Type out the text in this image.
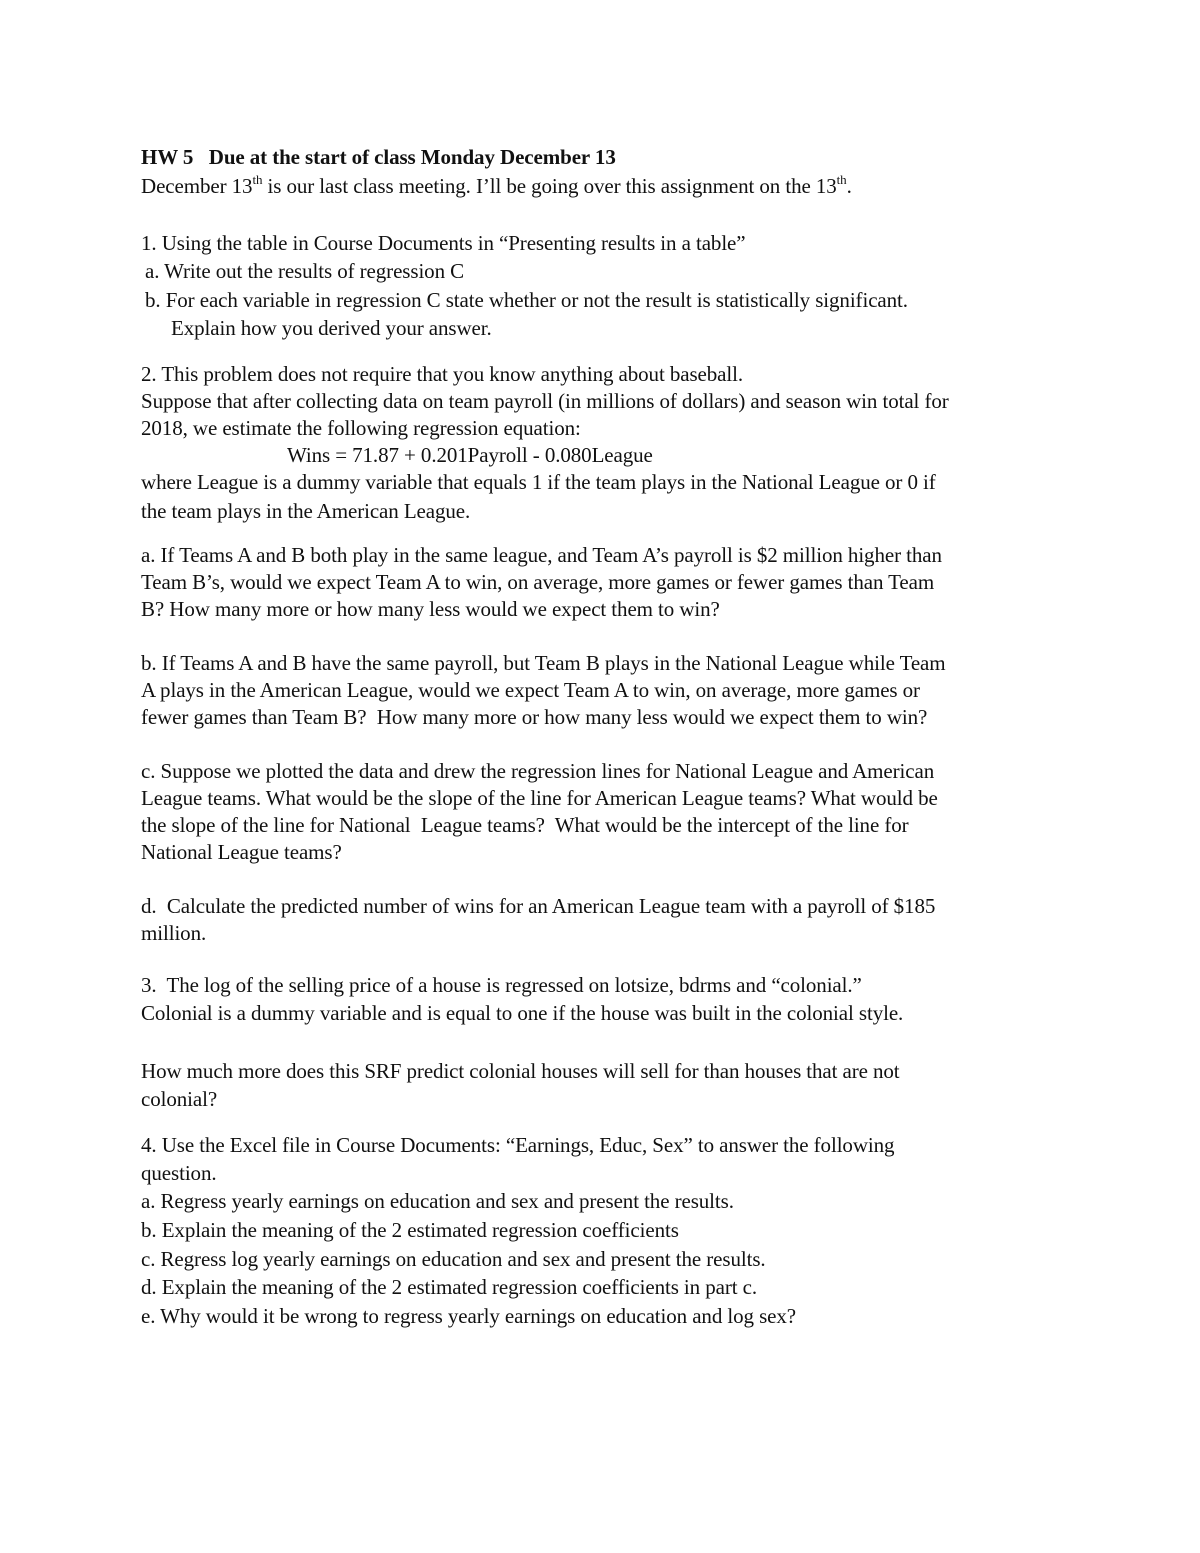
HW 5   Due at the start of class Monday December 13
December 13th is our last class meeting. I’ll be going over this assignment on the 13th.
1. Using the table in Course Documents in “Presenting results in a table”
a. Write out the results of regression C
b. For each variable in regression C state whether or not the result is statistically significant.
Explain how you derived your answer.
2. This problem does not require that you know anything about baseball.
Suppose that after collecting data on team payroll (in millions of dollars) and season win total for
2018, we estimate the following regression equation:
Wins = 71.87 + 0.201Payroll - 0.080League
where League is a dummy variable that equals 1 if the team plays in the National League or 0 if
the team plays in the American League.
a. If Teams A and B both play in the same league, and Team A’s payroll is $2 million higher than
Team B’s, would we expect Team A to win, on average, more games or fewer games than Team
B? How many more or how many less would we expect them to win?
b. If Teams A and B have the same payroll, but Team B plays in the National League while Team
A plays in the American League, would we expect Team A to win, on average, more games or
fewer games than Team B?  How many more or how many less would we expect them to win?
c. Suppose we plotted the data and drew the regression lines for National League and American
League teams. What would be the slope of the line for American League teams? What would be
the slope of the line for National  League teams?  What would be the intercept of the line for
National League teams?
d.  Calculate the predicted number of wins for an American League team with a payroll of $185
million.
3.  The log of the selling price of a house is regressed on lotsize, bdrms and “colonial.”
Colonial is a dummy variable and is equal to one if the house was built in the colonial style.
How much more does this SRF predict colonial houses will sell for than houses that are not
colonial?
4. Use the Excel file in Course Documents: “Earnings, Educ, Sex” to answer the following
question.
a. Regress yearly earnings on education and sex and present the results.
b. Explain the meaning of the 2 estimated regression coefficients
c. Regress log yearly earnings on education and sex and present the results.
d. Explain the meaning of the 2 estimated regression coefficients in part c.
e. Why would it be wrong to regress yearly earnings on education and log sex?
